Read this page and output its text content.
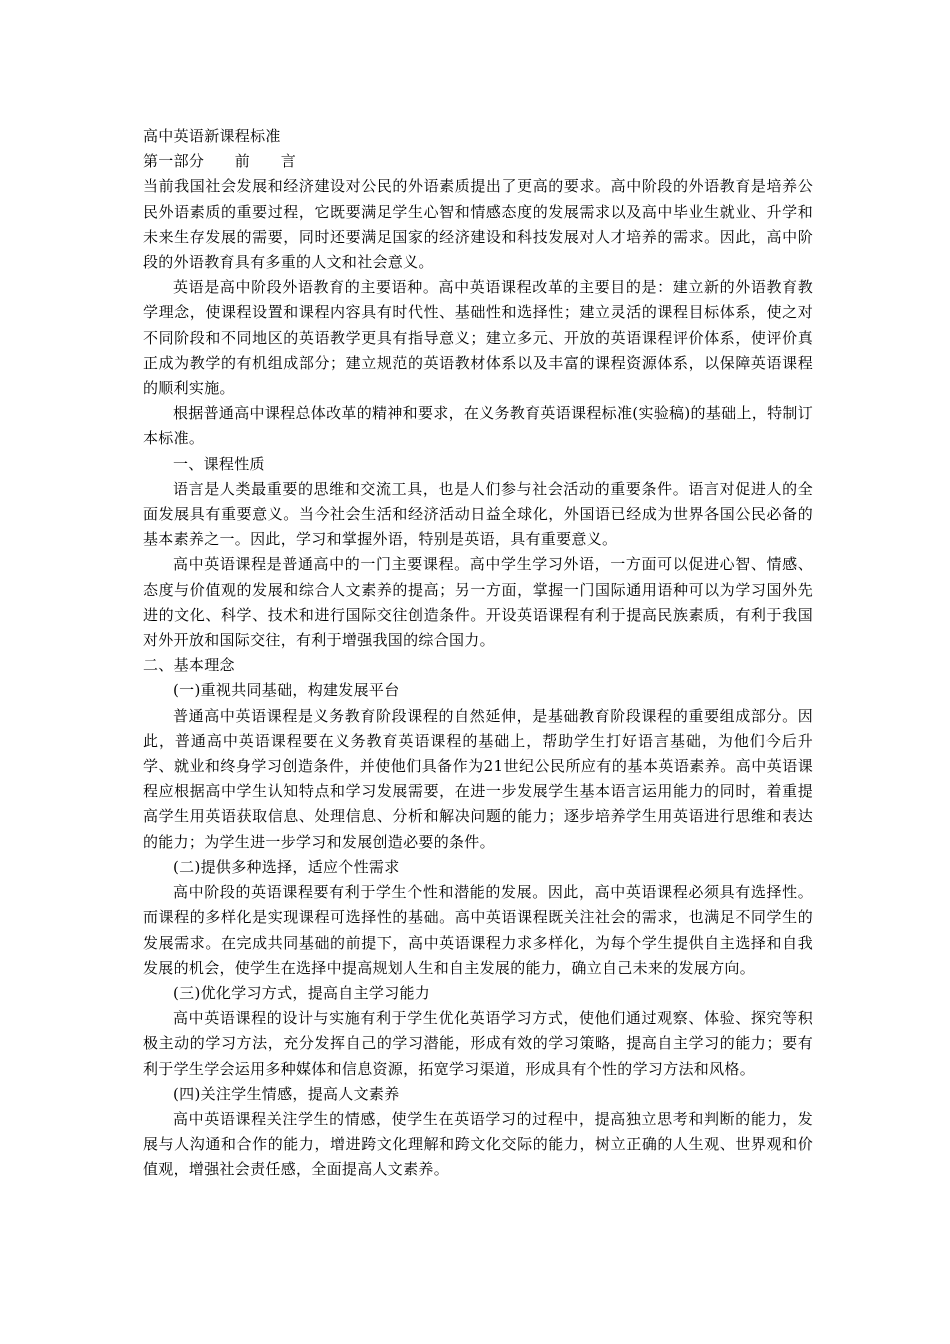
高中英语新课程标准

第一部分　　前　　言

当前我国社会发展和经济建设对公民的外语素质提出了更高的要求。高中阶段的外语教育是培养公民外语素质的重要过程，它既要满足学生心智和情感态度的发展需求以及高中毕业生就业、升学和未来生存发展的需要，同时还要满足国家的经济建设和科技发展对人才培养的需求。因此，高中阶段的外语教育具有多重的人文和社会意义。

英语是高中阶段外语教育的主要语种。高中英语课程改革的主要目的是：建立新的外语教育教学理念，使课程设置和课程内容具有时代性、基础性和选择性；建立灵活的课程目标体系，使之对不同阶段和不同地区的英语教学更具有指导意义；建立多元、开放的英语课程评价体系，使评价真正成为教学的有机组成部分；建立规范的英语教材体系以及丰富的课程资源体系，以保障英语课程的顺利实施。

根据普通高中课程总体改革的精神和要求，在义务教育英语课程标准(实验稿)的基础上，特制订本标准。

一、课程性质

语言是人类最重要的思维和交流工具，也是人们参与社会活动的重要条件。语言对促进人的全面发展具有重要意义。当今社会生活和经济活动日益全球化，外国语已经成为世界各国公民必备的基本素养之一。因此，学习和掌握外语，特别是英语，具有重要意义。

高中英语课程是普通高中的一门主要课程。高中学生学习外语，一方面可以促进心智、情感、态度与价值观的发展和综合人文素养的提高；另一方面，掌握一门国际通用语种可以为学习国外先进的文化、科学、技术和进行国际交往创造条件。开设英语课程有利于提高民族素质，有利于我国对外开放和国际交往，有利于增强我国的综合国力。

二、基本理念

(一)重视共同基础，构建发展平台

普通高中英语课程是义务教育阶段课程的自然延伸，是基础教育阶段课程的重要组成部分。因此，普通高中英语课程要在义务教育英语课程的基础上，帮助学生打好语言基础，为他们今后升学、就业和终身学习创造条件，并使他们具备作为21世纪公民所应有的基本英语素养。高中英语课程应根据高中学生认知特点和学习发展需要，在进一步发展学生基本语言运用能力的同时，着重提高学生用英语获取信息、处理信息、分析和解决问题的能力；逐步培养学生用英语进行思维和表达的能力；为学生进一步学习和发展创造必要的条件。

(二)提供多种选择，适应个性需求

高中阶段的英语课程要有利于学生个性和潜能的发展。因此，高中英语课程必须具有选择性。而课程的多样化是实现课程可选择性的基础。高中英语课程既关注社会的需求，也满足不同学生的发展需求。在完成共同基础的前提下，高中英语课程力求多样化，为每个学生提供自主选择和自我发展的机会，使学生在选择中提高规划人生和自主发展的能力，确立自己未来的发展方向。

(三)优化学习方式，提高自主学习能力

高中英语课程的设计与实施有利于学生优化英语学习方式，使他们通过观察、体验、探究等积极主动的学习方法，充分发挥自己的学习潜能，形成有效的学习策略，提高自主学习的能力；要有利于学生学会运用多种媒体和信息资源，拓宽学习渠道，形成具有个性的学习方法和风格。

(四)关注学生情感，提高人文素养

高中英语课程关注学生的情感，使学生在英语学习的过程中，提高独立思考和判断的能力，发展与人沟通和合作的能力，增进跨文化理解和跨文化交际的能力，树立正确的人生观、世界观和价值观，增强社会责任感，全面提高人文素养。
